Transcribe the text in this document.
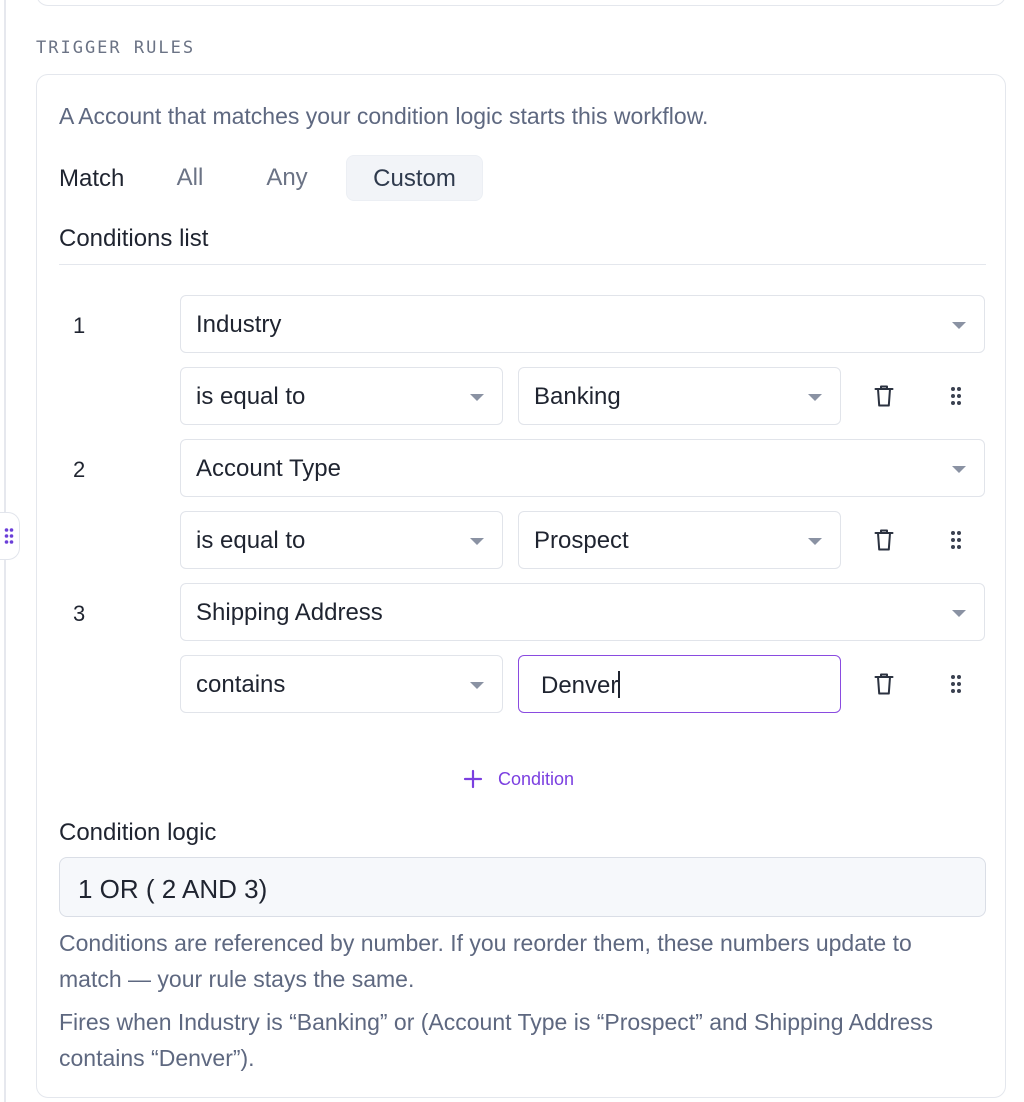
TRIGGER RULES
A Account that matches your condition logic starts this workflow.
Match	All	Any	Custom
Conditions list
1	Industry
is equal to	Banking
2	Account Type
is equal to	Prospect
3	Shipping Address
contains	Denver
Condition
Condition logic
1 OR ( 2 AND 3)
Conditions are referenced by number. If you reorder them, these numbers update to match — your rule stays the same.
Fires when Industry is “Banking” or (Account Type is “Prospect” and Shipping Address contains “Denver”).
